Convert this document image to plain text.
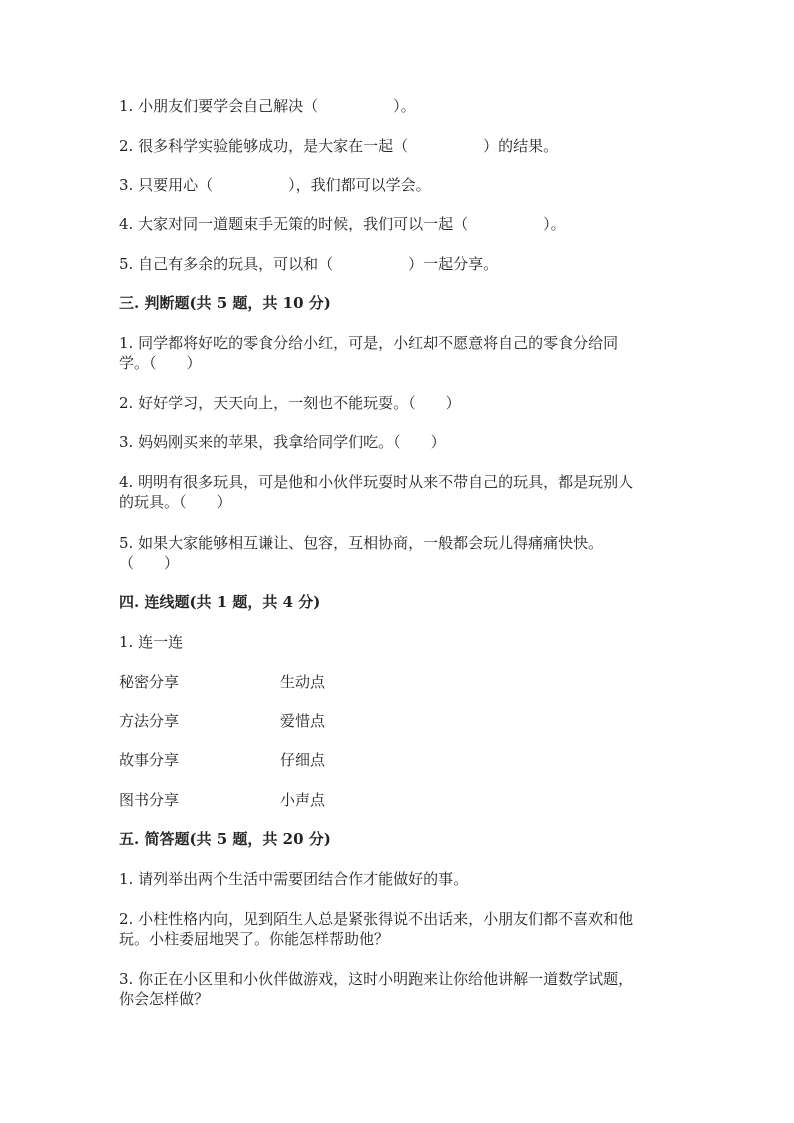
1. 小朋友们要学会自己解决（　　　　　）。
2. 很多科学实验能够成功，是大家在一起（　　　　　）的结果。
3. 只要用心（　　　　　），我们都可以学会。
4. 大家对同一道题束手无策的时候，我们可以一起（　　　　　）。
5. 自己有多余的玩具，可以和（　　　　　）一起分享。
三. 判断题(共 5 题，共 10 分)
1. 同学都将好吃的零食分给小红，可是，小红却不愿意将自己的零食分给同
学。（　　）
2. 好好学习，天天向上，一刻也不能玩耍。（　　）
3. 妈妈刚买来的苹果，我拿给同学们吃。（　　）
4. 明明有很多玩具，可是他和小伙伴玩耍时从来不带自己的玩具，都是玩别人
的玩具。（　　）
5. 如果大家能够相互谦让、包容，互相协商，一般都会玩儿得痛痛快快。
（　　）
四. 连线题(共 1 题，共 4 分)
1. 连一连
秘密分享	生动点
方法分享	爱惜点
故事分享	仔细点
图书分享	小声点
五. 简答题(共 5 题，共 20 分)
1. 请列举出两个生活中需要团结合作才能做好的事。
2. 小柱性格内向，见到陌生人总是紧张得说不出话来，小朋友们都不喜欢和他
玩。小柱委屈地哭了。你能怎样帮助他？
3. 你正在小区里和小伙伴做游戏，这时小明跑来让你给他讲解一道数学试题，
你会怎样做？
